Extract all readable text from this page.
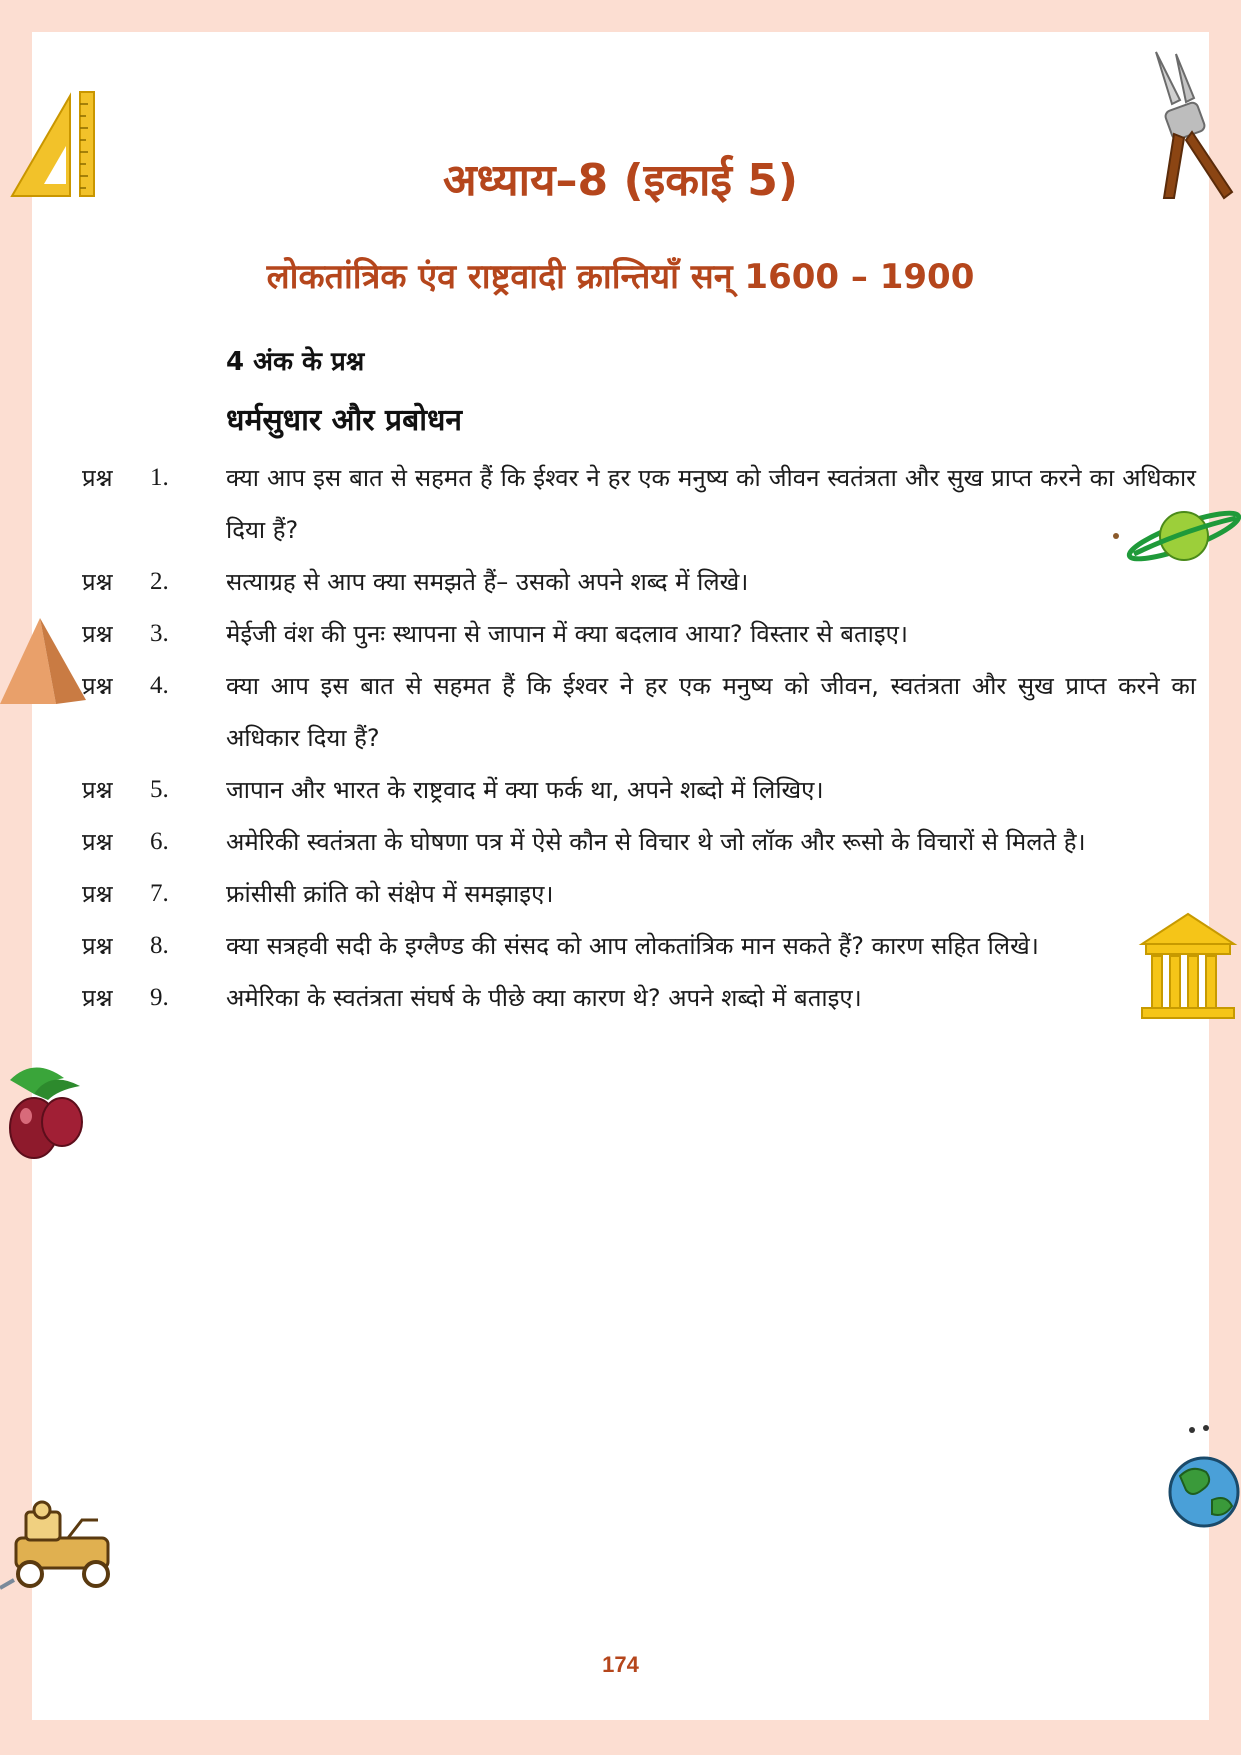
अध्याय–8 (इकाई 5)
लोकतांत्रिक एंव राष्ट्रवादी क्रान्तियाँ सन् 1600 – 1900
4 अंक के प्रश्न
धर्मसुधार और प्रबोधन
प्रश्न 1. क्या आप इस बात से सहमत हैं कि ईश्वर ने हर एक मनुष्य को जीवन स्वतंत्रता और सुख प्राप्त करने का अधिकार दिया हैं?
प्रश्न 2. सत्याग्रह से आप क्या समझते हैं– उसको अपने शब्द में लिखे।
प्रश्न 3. मेईजी वंश की पुनः स्थापना से जापान में क्या बदलाव आया? विस्तार से बताइए।
प्रश्न 4. क्या आप इस बात से सहमत हैं कि ईश्वर ने हर एक मनुष्य को जीवन, स्वतंत्रता और सुख प्राप्त करने का अधिकार दिया हैं?
प्रश्न 5. जापान और भारत के राष्ट्रवाद में क्या फर्क था, अपने शब्दो में लिखिए।
प्रश्न 6. अमेरिकी स्वतंत्रता के घोषणा पत्र में ऐसे कौन से विचार थे जो लॉक और रूसो के विचारों से मिलते है।
प्रश्न 7. फ्रांसीसी क्रांति को संक्षेप में समझाइए।
प्रश्न 8. क्या सत्रहवी सदी के इग्लैण्ड की संसद को आप लोकतांत्रिक मान सकते हैं? कारण सहित लिखे।
प्रश्न 9. अमेरिका के स्वतंत्रता संघर्ष के पीछे क्या कारण थे? अपने शब्दो में बताइए।
174
